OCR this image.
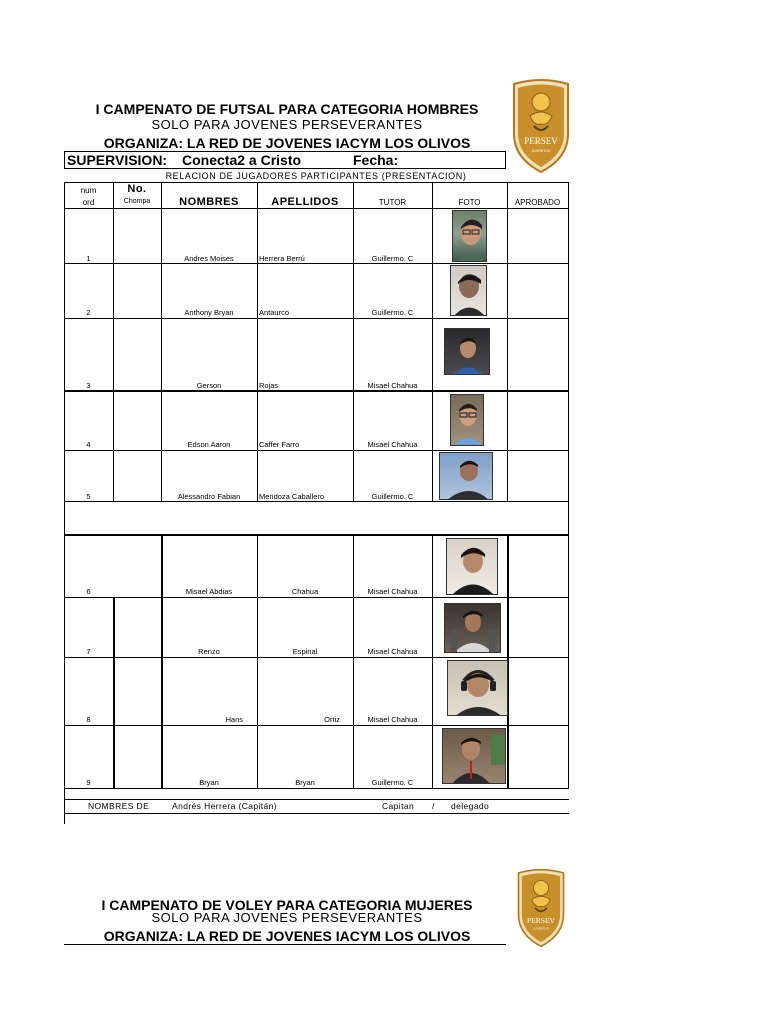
I CAMPENATO DE FUTSAL PARA CATEGORIA HOMBRES
SOLO PARA JOVENES PERSEVERANTES
ORGANIZA: LA RED DE JOVENES IACYM LOS OLIVOS	PERSEV
JUVENTUD
SUPERVISION: Conecta2 a Cristo	Fecha:
RELACION DE JUGADORES PARTICIPANTES (PRESENTACION)
num
ord
No.
Chompa	NOMBRES	APELLIDOS	TUTOR	FOTO	APROBADO
1	Andres Moises	Herrera Berrú	Guillermo. C
2	Anthony Bryan	Antaurco	Guillermo. C
3	Gerson	Rojas	Misael Chahua
4	Edson Aaron	Caffer Farro	Misael Chahua
5	Alessandro Fabian	Mendoza Caballero	Guillermo. C
6	Misael Abdias	Chahua	Misael Chahua
7	Renzo	Espinal	Misael Chahua
8	Hans	Ortiz	Misael Chahua
9	Bryan	Bryan	Guillermo. C
NOMBRES DE	Andrés Herrera (Capitán)	Capitan / delegado
I CAMPENATO DE VOLEY PARA CATEGORIA MUJERES
SOLO PARA JOVENES PERSEVERANTES
ORGANIZA: LA RED DE JOVENES IACYM LOS OLIVOS
PERSEV
JUVENTUD
